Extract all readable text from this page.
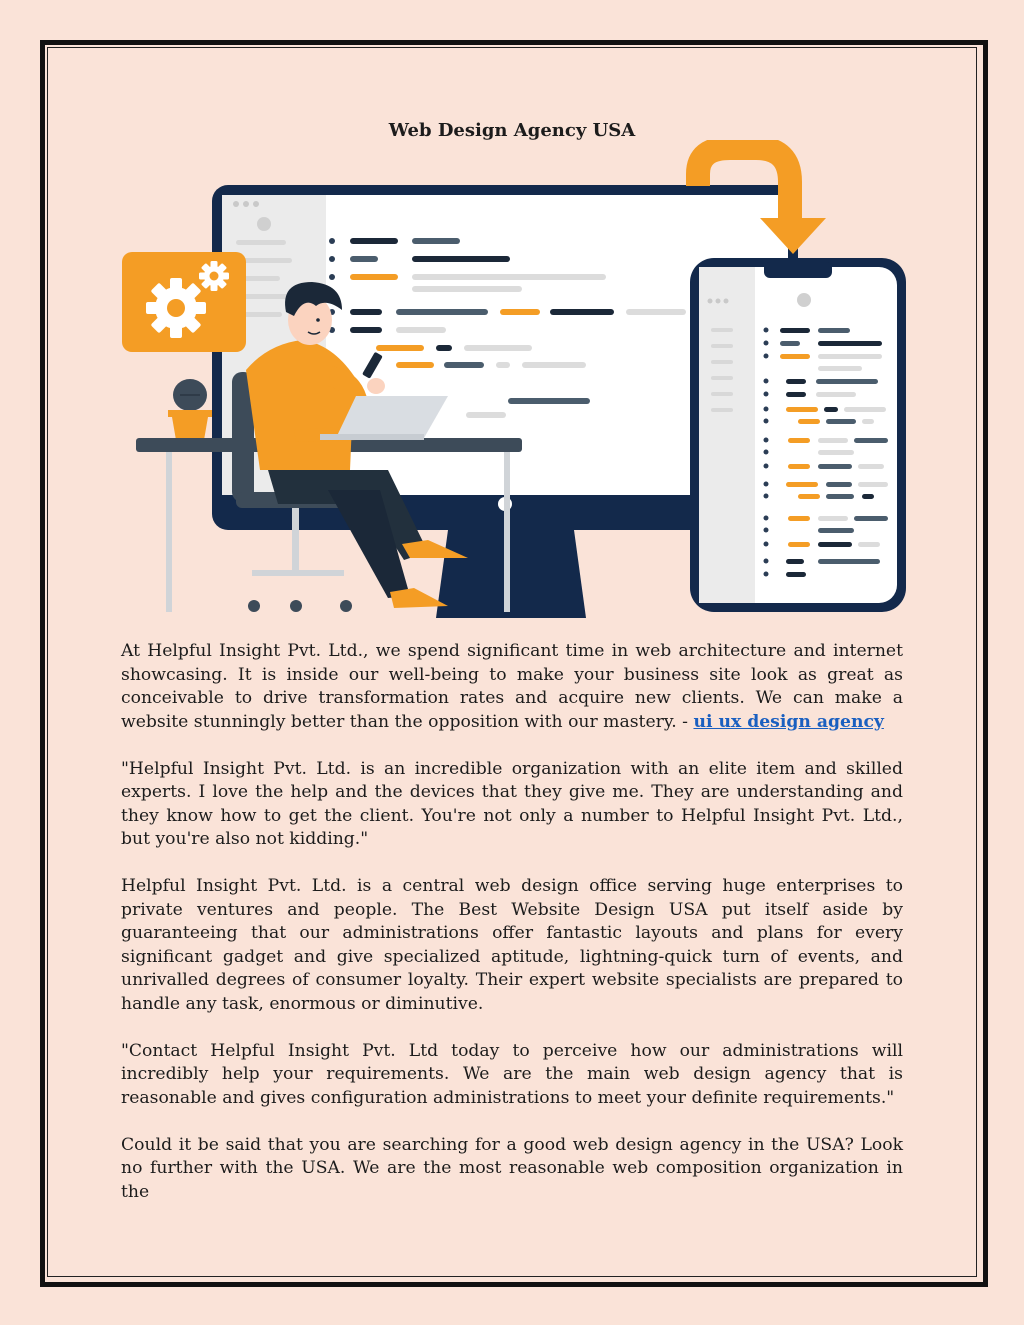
Web Design Agency USA

At Helpful Insight Pvt. Ltd., we spend significant time in web architecture and internet showcasing. It is inside our well-being to make your business site look as great as conceivable to drive transformation rates and acquire new clients. We can make a website stunningly better than the opposition with our mastery. - ui ux design agency

"Helpful Insight Pvt. Ltd. is an incredible organization with an elite item and skilled experts. I love the help and the devices that they give me. They are understanding and they know how to get the client. You're not only a number to Helpful Insight Pvt. Ltd., but you're also not kidding."

Helpful Insight Pvt. Ltd. is a central web design office serving huge enterprises to private ventures and people. The Best Website Design USA put itself aside by guaranteeing that our administrations offer fantastic layouts and plans for every significant gadget and give specialized aptitude, lightning-quick turn of events, and unrivalled degrees of consumer loyalty. Their expert website specialists are prepared to handle any task, enormous or diminutive.

"Contact Helpful Insight Pvt. Ltd today to perceive how our administrations will incredibly help your requirements. We are the main web design agency that is reasonable and gives configuration administrations to meet your definite requirements."

Could it be said that you are searching for a good web design agency in the USA? Look no further with the USA. We are the most reasonable web composition organization in the
